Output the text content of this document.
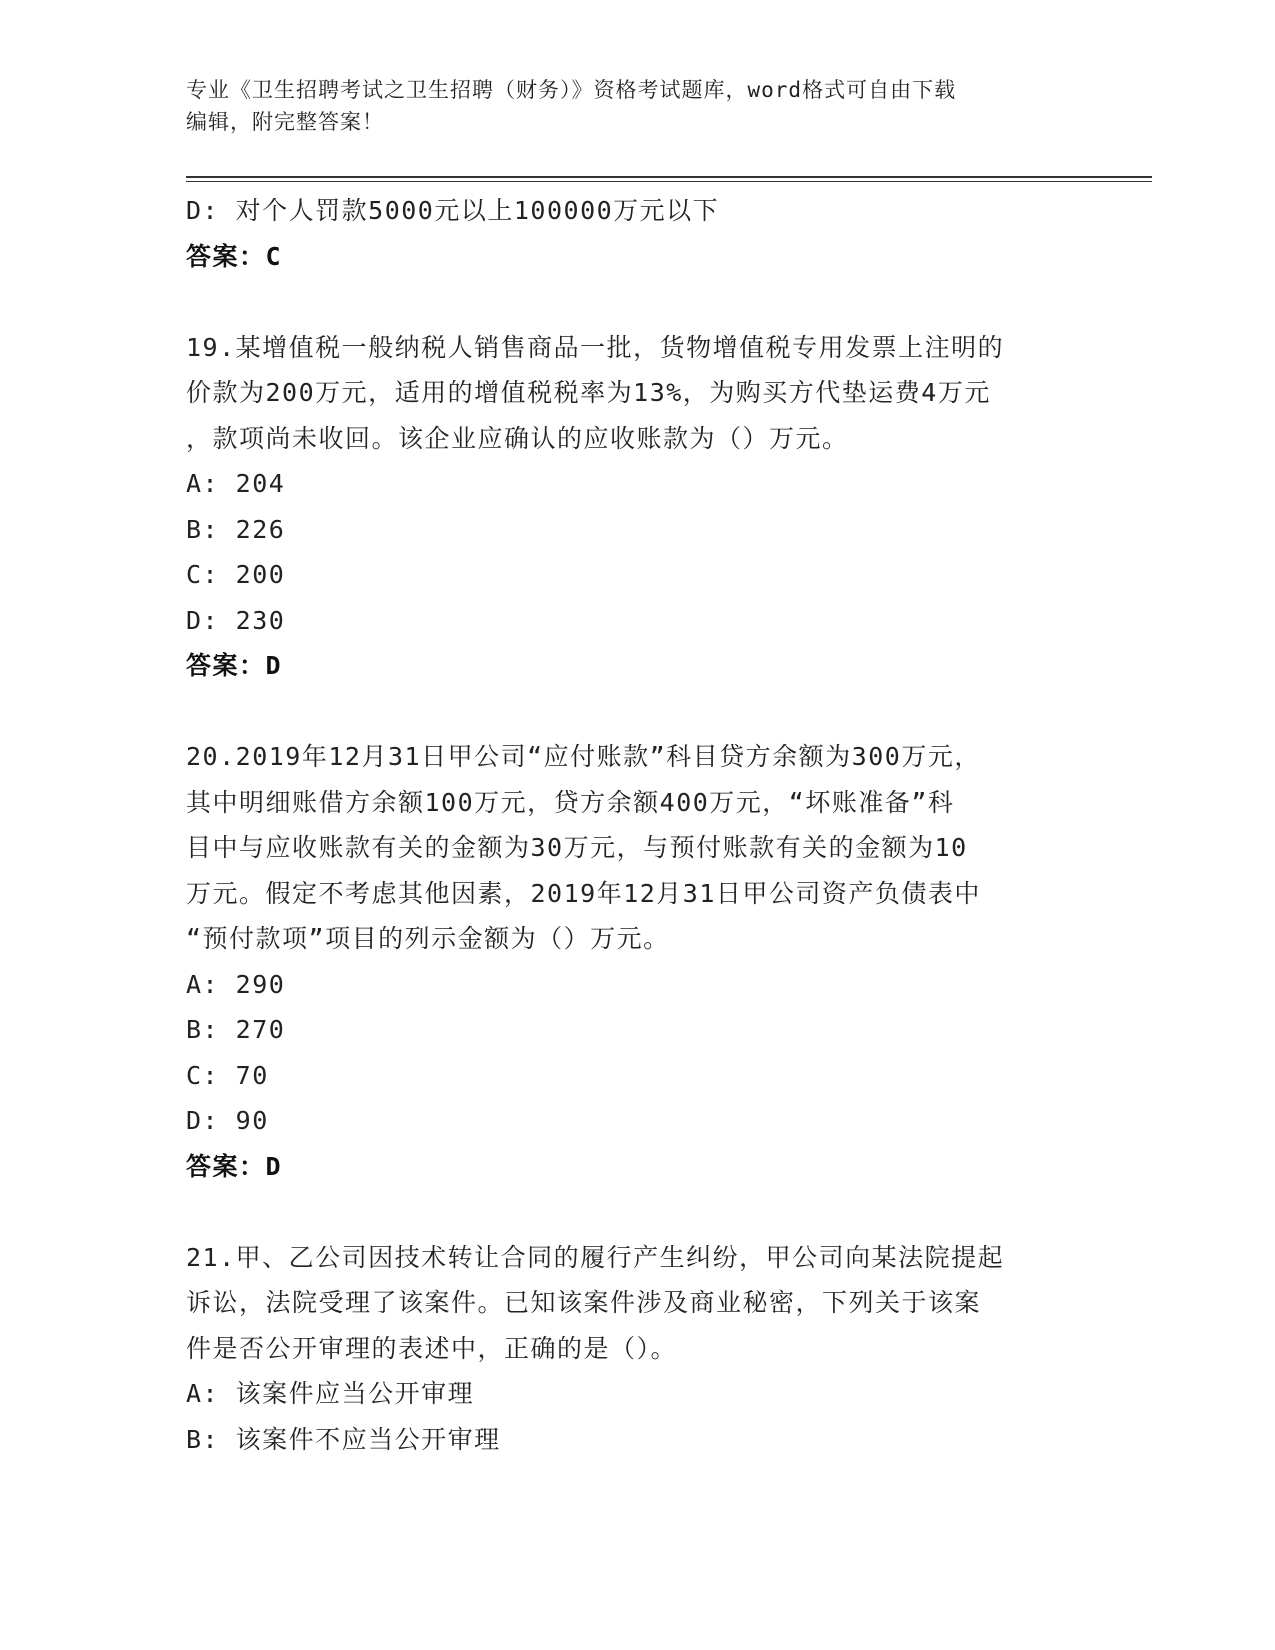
专业《卫生招聘考试之卫生招聘（财务）》资格考试题库，word格式可自由下载
编辑，附完整答案！
D: 对个人罚款5000元以上100000万元以下
答案：C
19.某增值税一般纳税人销售商品一批，货物增值税专用发票上注明的
价款为200万元，适用的增值税税率为13%，为购买方代垫运费4万元
，款项尚未收回。该企业应确认的应收账款为（）万元。
A: 204
B: 226
C: 200
D: 230
答案：D
20.2019年12月31日甲公司“应付账款”科目贷方余额为300万元，
其中明细账借方余额100万元，贷方余额400万元，“坏账准备”科
目中与应收账款有关的金额为30万元，与预付账款有关的金额为10
万元。假定不考虑其他因素，2019年12月31日甲公司资产负债表中
“预付款项”项目的列示金额为（）万元。
A: 290
B: 270
C: 70
D: 90
答案：D
21.甲、乙公司因技术转让合同的履行产生纠纷，甲公司向某法院提起
诉讼，法院受理了该案件。已知该案件涉及商业秘密，下列关于该案
件是否公开审理的表述中，正确的是（）。
A: 该案件应当公开审理
B: 该案件不应当公开审理
